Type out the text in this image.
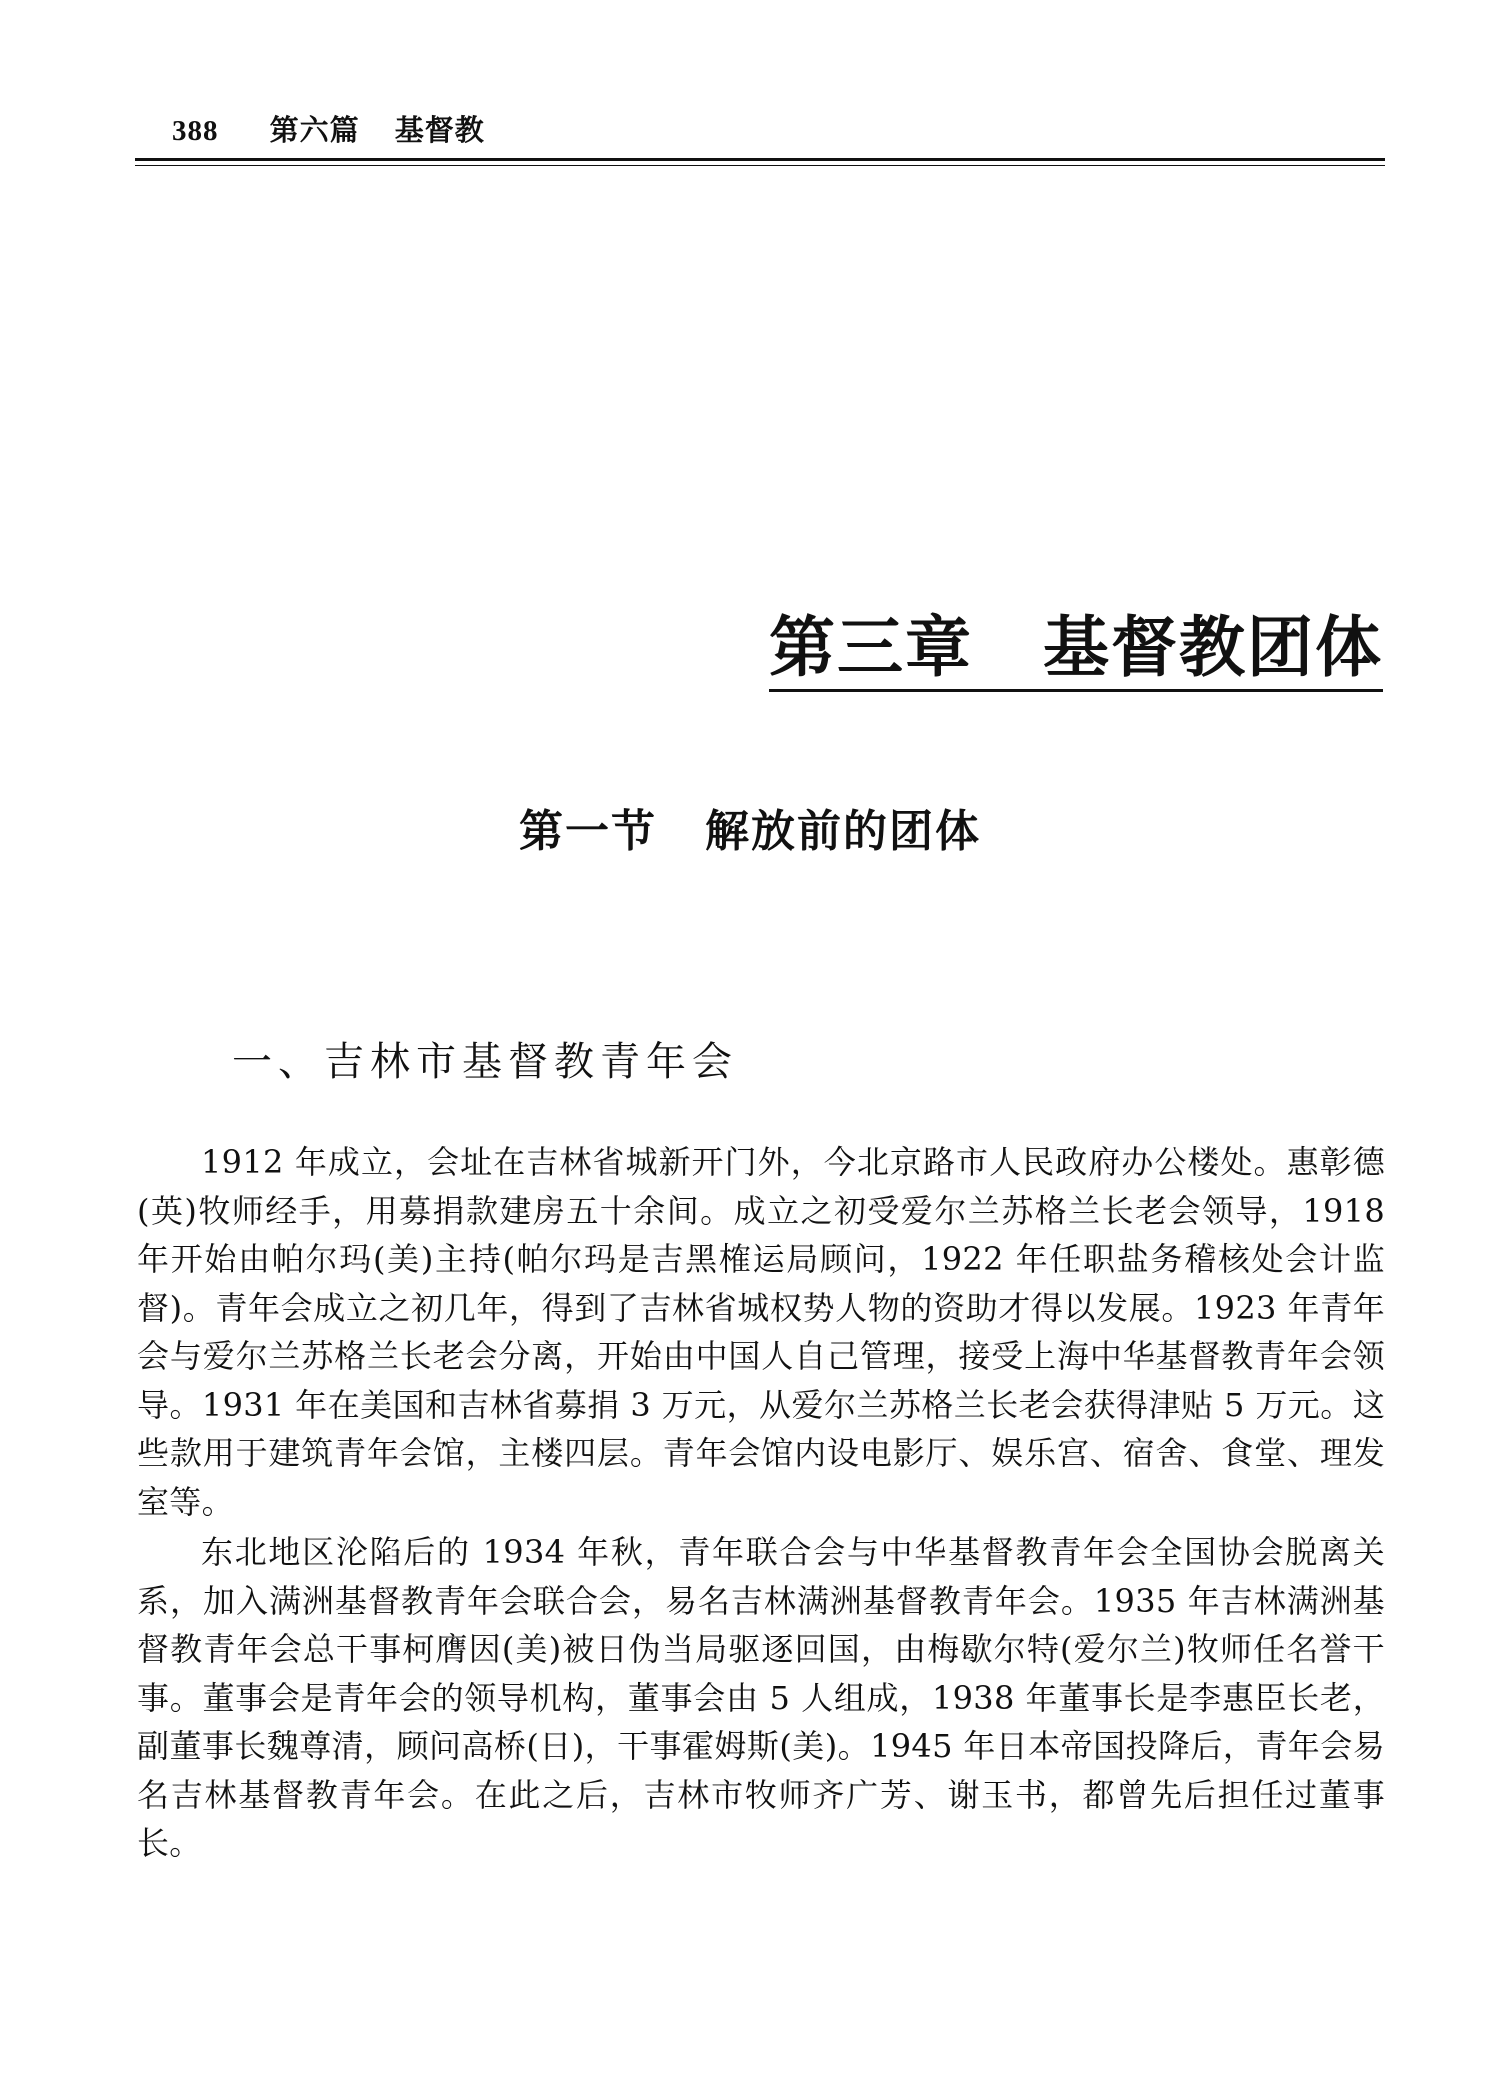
388 第六篇 基督教
第三章 基督教团体
第一节 解放前的团体
一、吉林市基督教青年会

1912 年成立，会址在吉林省城新开门外，今北京路市人民政府办公楼处。惠彰德(英)牧师经手，用募捐款建房五十余间。成立之初受爱尔兰苏格兰长老会领导，1918 年开始由帕尔玛(美)主持(帕尔玛是吉黑榷运局顾问，1922 年任职盐务稽核处会计监督)。青年会成立之初几年，得到了吉林省城权势人物的资助才得以发展。1923 年青年会与爱尔兰苏格兰长老会分离，开始由中国人自己管理，接受上海中华基督教青年会领导。1931 年在美国和吉林省募捐 3 万元，从爱尔兰苏格兰长老会获得津贴 5 万元。这些款用于建筑青年会馆，主楼四层。青年会馆内设电影厅、娱乐宫、宿舍、食堂、理发室等。

东北地区沦陷后的 1934 年秋，青年联合会与中华基督教青年会全国协会脱离关系，加入满洲基督教青年会联合会，易名吉林满洲基督教青年会。1935 年吉林满洲基督教青年会总干事柯膺因(美)被日伪当局驱逐回国，由梅歇尔特(爱尔兰)牧师任名誉干事。董事会是青年会的领导机构，董事会由 5 人组成，1938 年董事长是李惠臣长老，副董事长魏尊清，顾问高桥(日)，干事霍姆斯(美)。1945 年日本帝国投降后，青年会易名吉林基督教青年会。在此之后，吉林市牧师齐广芳、谢玉书，都曾先后担任过董事长。
